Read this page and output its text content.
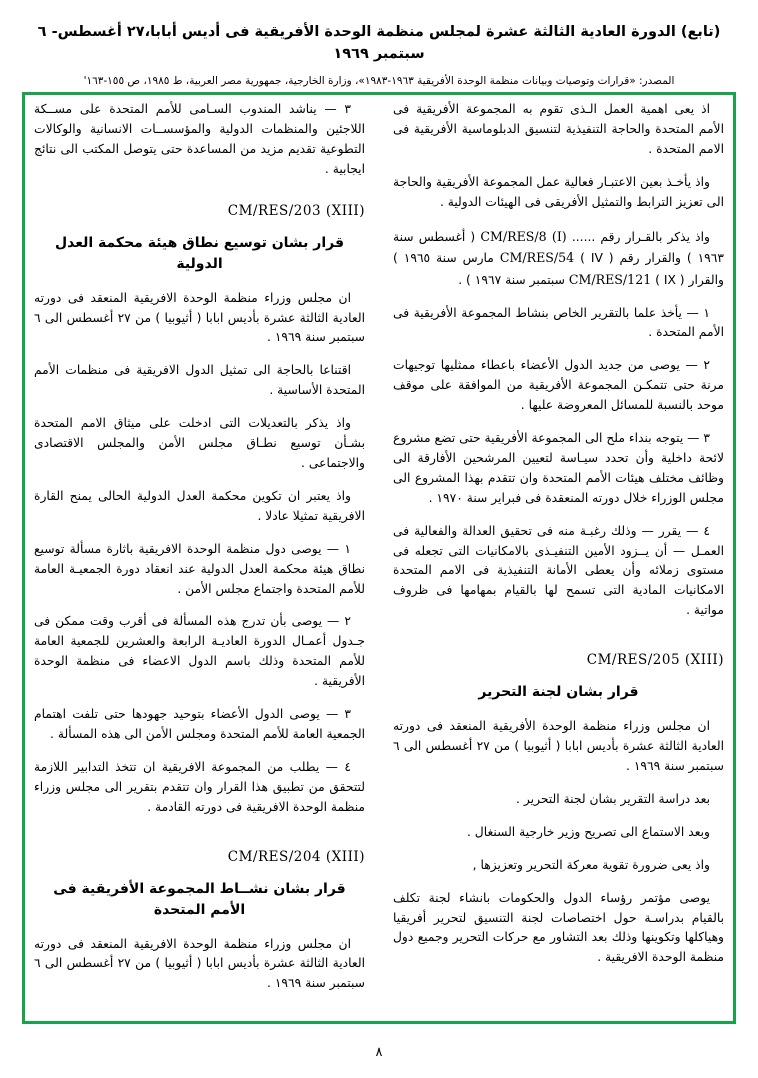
(تابع) الدورة العادية الثالثة عشرة لمجلس منظمة الوحدة الأفريقية فى أديس أبابا،٢٧ أغسطس- ٦ سبتمبر ١٩٦٩
المصدر: «قرارات وتوصيات وبيانات منظمة الوحدة الأفريقية ١٩٦٣-١٩٨٣»، وزارة الخارجية، جمهورية مصر العربية، ط ١٩٨٥، ص ١٥٥-١٦٣'

اذ يعى اهمية العمل الـذى تقوم به المجموعة الأفريقية فى الأمم المتحدة والحاجة التنفيذية لتنسيق الدبلوماسية الأفريقية فى الامم المتحدة .

واذ يأخـذ بعين الاعتبـار فعالية عمل المجموعة الأفريقية والحاجة الى تعزيز الترابط والتمثيل الأفريقى فى الهيئات الدولية .

واذ يذكر بالقـرار رقم ...... CM/RES/8 (I) ( أغسطس سنة ١٩٦٣ ) والقرار رقم CM/RES/54 ( IV ) مارس سنة ١٩٦٥ ) والقرار CM/RES/121 ( IX ) سبتمبر سنة ١٩٦٧ ) .

١ — يأخذ علما بالتقرير الخاص بنشاط المجموعة الأفريقية فى الأمم المتحدة .

٢ — يوصى من جديد الدول الأعضاء باعطاء ممثليها توجيهات مرنة حتى تتمكـن المجموعة الأفريقية من الموافقة على موقف موحد بالنسبة للمسائل المعروضة عليها .

٣ — يتوجه بنداء ملح الى المجموعة الأفريقية حتى تضع مشروع لائحة داخلية وأن تحدد سيـاسة لتعيين المرشحين الأفارقة الى وظائف مختلف هيئات الأمم المتحدة وان تتقدم بهذا المشروع الى مجلس الوزراء خلال دورته المنعقدة فى فبراير سنة ١٩٧٠ .

٤ — يقرر — وذلك رغبـة منه فى تحقيق العدالة والفعالية فى العمـل — أن يــزود الأمين التنفيـذى بالامكانيات التى تجعله فى مستوى زملائه وأن يعطى الأمانة التنفيذية فى الامم المتحدة الامكانيات المادية التى تسمح لها بالقيام بمهامها فى ظروف مواتية .

CM/RES/205 (XIII)
قرار بشان لجنة التحرير

ان مجلس وزراء منظمة الوحدة الأفريقية المنعقد فى دورته العادية الثالثة عشرة بأديس ابابا ( أثيوبيا ) من ٢٧ أغسطس الى ٦ سبتمبر سنة ١٩٦٩ .

بعد دراسة التقرير بشان لجنة التحرير .

وبعد الاستماع الى تصريح وزير خارجية السنغال .

واذ يعى ضرورة تقوية معركة التحرير وتعزيزها ,

يوصى مؤتمر رؤساء الدول والحكومات بانشاء لجنة تكلف بالقيام بدراسـة حول اختصاصات لجنة التنسيق لتحرير أفريقيا وهياكلها وتكوينها وذلك بعد التشاور مع حركات التحرير وجميع دول منظمة الوحدة الافريقية .

٣ — يناشد المندوب السـامى للأمم المتحدة على مســكة اللاجئين والمنظمات الدولية والمؤسســات الانسانية والوكالات التطوعية تقديم مزيد من المساعدة حتى يتوصل المكتب الى نتائج ايجابية .

CM/RES/203 (XIII)
قرار بشان توسيع نطاق هيئة محكمة العدل الدولية

ان مجلس وزراء منظمة الوحدة الافريقية المنعقد فى دورته العادية الثالثة عشرة بأديس ابابا ( أثيوبيا ) من ٢٧ أغسطس الى ٦ سبتمبر سنة ١٩٦٩ .

اقتناعا بالحاجة الى تمثيل الدول الافريقية فى منظمات الأمم المتحدة الأساسية .

واذ يذكر بالتعديلات التى ادخلت على ميثاق الامم المتحدة بشـأن توسيع نطـاق مجلس الأمن والمجلس الاقتصادى والاجتماعى .

واذ يعتبر ان تكوين محكمة العدل الدولية الحالى يمنح القارة الافريقية تمثيلا عادلا .

١ — يوصى دول منظمة الوحدة الافريقية باثارة مسألة توسيع نطاق هيئة محكمة العدل الدولية عند انعقاد دورة الجمعيـة العامة للأمم المتحدة واجتماع مجلس الأمن .

٢ — يوصى بأن تدرج هذه المسألة فى أقرب وقت ممكن فى جـدول أعمـال الدورة العاديـة الرابعة والعشرين للجمعية العامة للأمم المتحدة وذلك باسم الدول الاعضاء فى منظمة الوحدة الأفريقية .

٣ — يوصى الدول الأعضاء بتوحيد جهودها حتى تلفت اهتمام الجمعية العامة للأمم المتحدة ومجلس الأمن الى هذه المسألة .

٤ — يطلب من المجموعة الافريقية ان تتخذ التدابير اللازمة لتتحقق من تطبيق هذا القرار وان تتقدم بتقرير الى مجلس وزراء منظمة الوحدة الافريقية فى دورته القادمة .

CM/RES/204 (XIII)
قرار بشان نشــاط المجموعة الأفريقية فى الأمم المتحدة

ان مجلس وزراء منظمة الوحدة الافريقية المنعقد فى دورته العادية الثالثة عشرة بأديس ابابا ( أثيوبيا ) من ٢٧ أغسطس الى ٦ سبتمبر سنة ١٩٦٩ .

٨
